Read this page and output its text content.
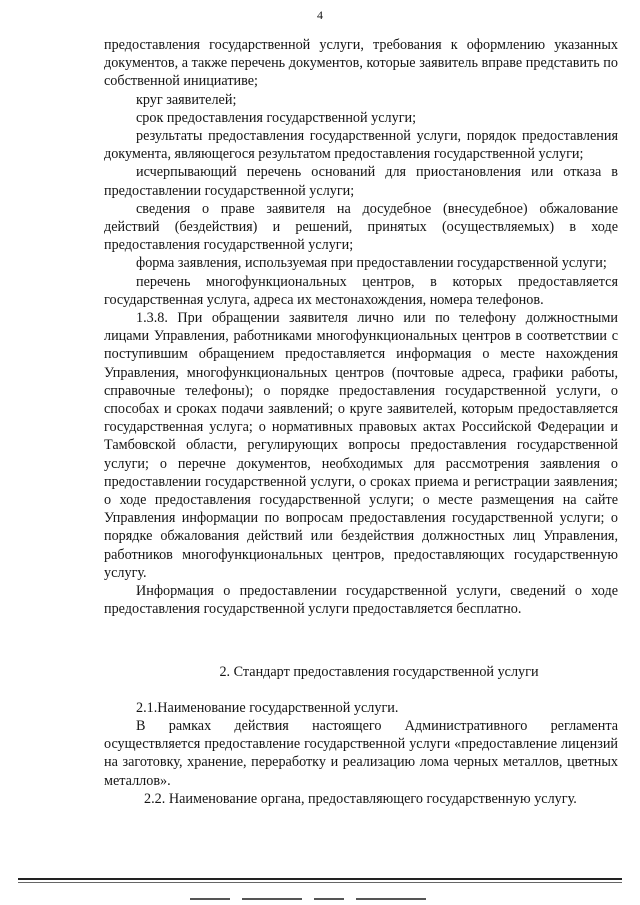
4

предоставления государственной услуги, требования к оформлению указанных документов, а также перечень документов, которые заявитель вправе представить по собственной инициативе;

круг заявителей;

срок предоставления государственной услуги;

результаты предоставления государственной услуги, порядок предоставления документа, являющегося результатом предоставления государственной услуги;

исчерпывающий перечень оснований для приостановления или отказа в предоставлении государственной услуги;

сведения о праве заявителя на досудебное (внесудебное) обжалование действий (бездействия) и решений, принятых (осуществляемых) в ходе предоставления государственной услуги;

форма заявления, используемая при предоставлении государственной услуги;

перечень многофункциональных центров, в которых предоставляется государственная услуга, адреса их местонахождения, номера телефонов.

1.3.8. При обращении заявителя лично или по телефону должностными лицами Управления, работниками многофункциональных центров в соответствии с поступившим обращением предоставляется информация о месте нахождения Управления, многофункциональных центров (почтовые адреса, графики работы, справочные телефоны); о порядке предоставления государственной услуги, о способах и сроках подачи заявлений; о круге заявителей, которым предоставляется государственная услуга; о нормативных правовых актах Российской Федерации и Тамбовской области, регулирующих вопросы предоставления государственной услуги; о перечне документов, необходимых для рассмотрения заявления о предоставлении государственной услуги, о сроках приема и регистрации заявления; о ходе предоставления государственной услуги; о месте размещения на сайте Управления информации по вопросам предоставления государственной услуги; о порядке обжалования действий или бездействия должностных лиц Управления, работников многофункциональных центров, предоставляющих государственную услугу.

Информация о предоставлении государственной услуги, сведений о ходе предоставления государственной услуги предоставляется бесплатно.

2. Стандарт предоставления государственной услуги

2.1.Наименование государственной услуги.

В рамках действия настоящего Административного регламента осуществляется предоставление государственной услуги «предоставление лицензий на заготовку, хранение, переработку и реализацию лома черных металлов, цветных металлов».

2.2. Наименование органа, предоставляющего государственную услугу.
